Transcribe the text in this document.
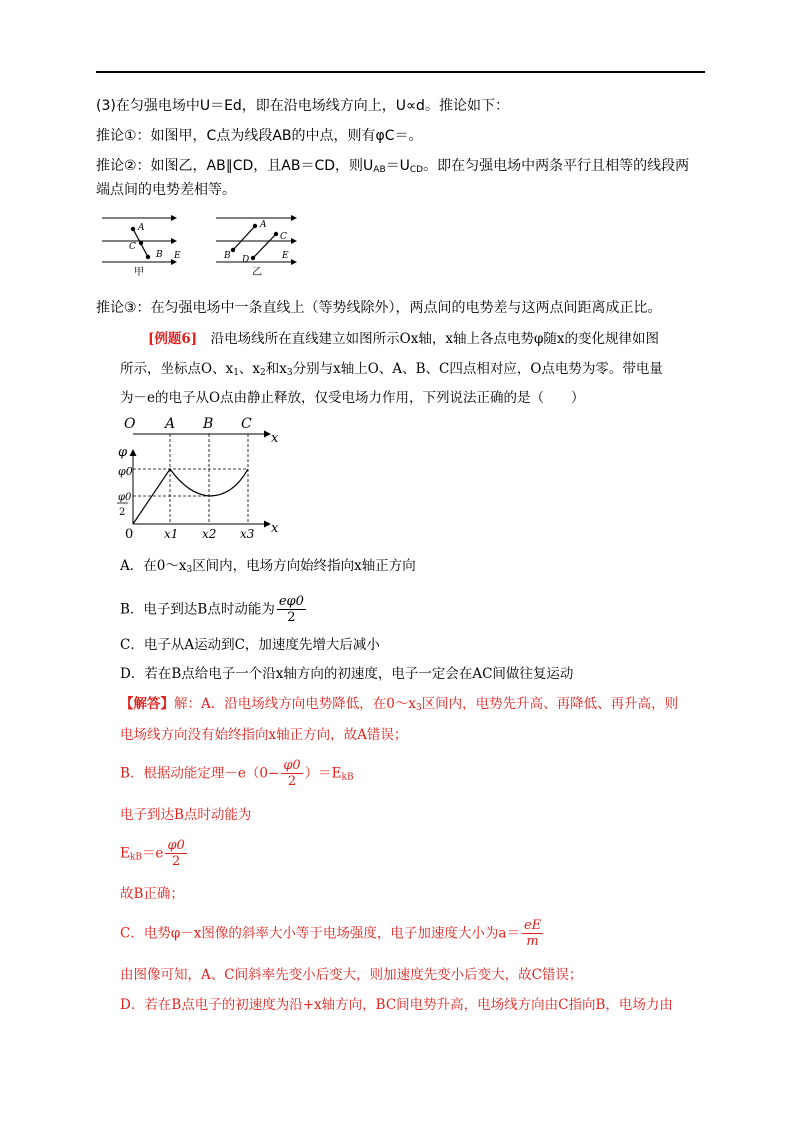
(3)在匀强电场中U＝Ed，即在沿电场线方向上，U∝d。推论如下：
推论①：如图甲，C点为线段AB的中点，则有φC＝。
推论②：如图乙，AB∥CD，且AB＝CD，则$U_{AB}=U_{CD}$。即在匀强电场中两条平行且相等的线段两
端点间的电势差相等。
A
C
B E
甲
A
C
B D	E
乙
推论③：在匀强电场中一条直线上（等势线除外），两点间的电势差与这两点间距离成正比。
[例题6]　 沿电场线所在直线建立如图所示Ox轴，x轴上各点电势φ随x的变化规律如图
所示，坐标点O、$x_1$、$x_2$和$x_3$分别与x轴上O、A、B、C四点相对应，O点电势为零。带电量
为－e的电子从O点由静止释放，仅受电场力作用，下列说法正确的是（　　）
O A B C
x
φ
φ0
φ0
2
0	x1 x2 x3 x
A．在$0\sim x_3$区间内，电场方向始终指向x轴正方向
B．电子到达B点时动能为 $\frac{e\varphi 0}{2}$
C．电子从A运动到C，加速度先增大后减小
D．若在B点给电子一个沿x轴方向的初速度，电子一定会在AC间做往复运动
【解答】解：A．沿电场线方向电势降低，在$0\sim x_3$区间内，电势先升高、再降低、再升高，则
电场线方向没有始终指向x轴正方向，故A错误；
B．根据动能定理$-e(0- \frac{\varphi 0}{2} )=E_{kB}$
电子到达B点时动能为
$E_{kB}=e \frac{\varphi 0}{2}$
故B正确；
C．电势φ－x图像的斜率大小等于电场强度，电子加速度大小为$a= \frac{eE}{m}$
由图像可知，A、C间斜率先变小后变大，则加速度先变小后变大，故C错误；
D．若在B点电子的初速度为沿+x轴方向，BC间电势升高，电场线方向由C指向B，电场力由
